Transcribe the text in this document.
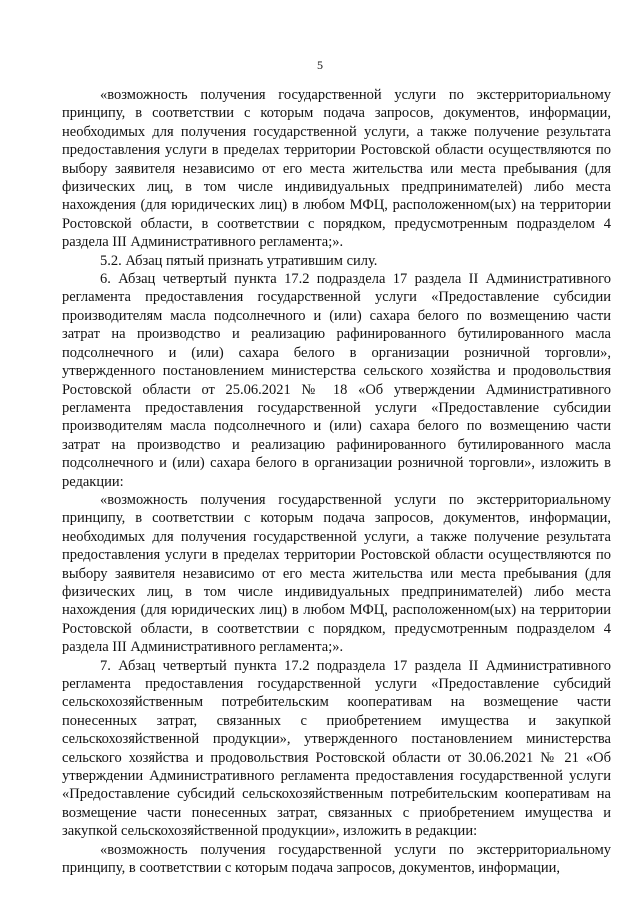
5

«возможность получения государственной услуги по экстерриториальному принципу, в соответствии с которым подача запросов, документов, информации, необходимых для получения государственной услуги, а также получение результата предоставления услуги в пределах территории Ростовской области осуществляются по выбору заявителя независимо от его места жительства или места пребывания (для физических лиц, в том числе индивидуальных предпринимателей) либо места нахождения (для юридических лиц) в любом МФЦ, расположенном(ых) на территории Ростовской области, в соответствии с порядком, предусмотренным подразделом 4 раздела III Административного регламента;».

5.2. Абзац пятый признать утратившим силу.

6. Абзац четвертый пункта 17.2 подраздела 17 раздела II Административного регламента предоставления государственной услуги «Предоставление субсидии производителям масла подсолнечного и (или) сахара белого по возмещению части затрат на производство и реализацию рафинированного бутилированного масла подсолнечного и (или) сахара белого в организации розничной торговли», утвержденного постановлением министерства сельского хозяйства и продовольствия Ростовской области от 25.06.2021 № 18 «Об утверждении Административного регламента предоставления государственной услуги «Предоставление субсидии производителям масла подсолнечного и (или) сахара белого по возмещению части затрат на производство и реализацию рафинированного бутилированного масла подсолнечного и (или) сахара белого в организации розничной торговли», изложить в редакции:

«возможность получения государственной услуги по экстерриториальному принципу, в соответствии с которым подача запросов, документов, информации, необходимых для получения государственной услуги, а также получение результата предоставления услуги в пределах территории Ростовской области осуществляются по выбору заявителя независимо от его места жительства или места пребывания (для физических лиц, в том числе индивидуальных предпринимателей) либо места нахождения (для юридических лиц) в любом МФЦ, расположенном(ых) на территории Ростовской области, в соответствии с порядком, предусмотренным подразделом 4 раздела III Административного регламента;».

7. Абзац четвертый пункта 17.2 подраздела 17 раздела II Административного регламента предоставления государственной услуги «Предоставление субсидий сельскохозяйственным потребительским кооперативам на возмещение части понесенных затрат, связанных с приобретением имущества и закупкой сельскохозяйственной продукции», утвержденного постановлением министерства сельского хозяйства и продовольствия Ростовской области от 30.06.2021 № 21 «Об утверждении Административного регламента предоставления государственной услуги «Предоставление субсидий сельскохозяйственным потребительским кооперативам на возмещение части понесенных затрат, связанных с приобретением имущества и закупкой сельскохозяйственной продукции», изложить в редакции:

«возможность получения государственной услуги по экстерриториальному принципу, в соответствии с которым подача запросов, документов, информации,
